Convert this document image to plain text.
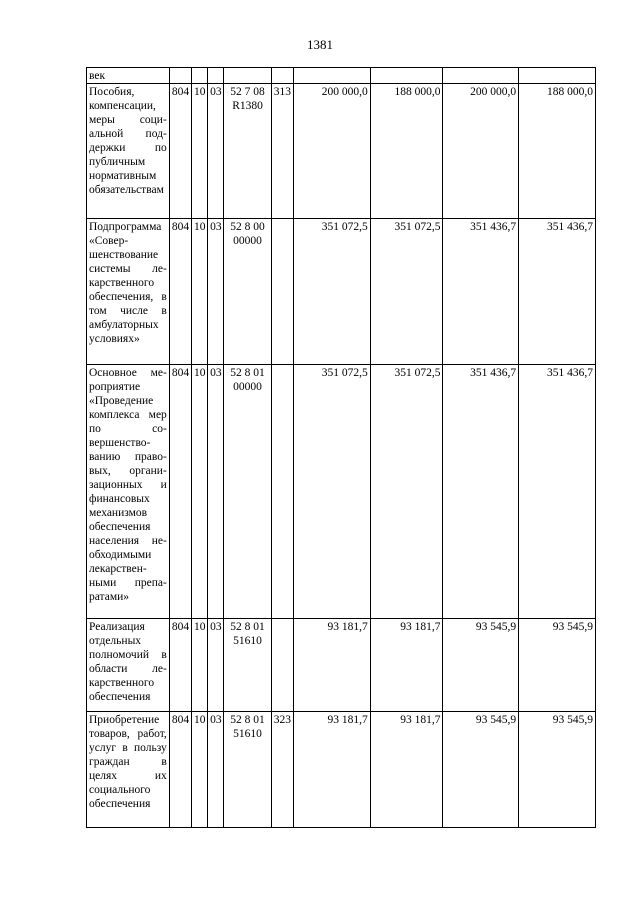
1381
век									
Пособия, компенсации, меры социальной поддержки по публичным нормативным обязательствам	804	10	03	52 7 08 R1380	313	200 000,0	188 000,0	200 000,0	188 000,0
Подпрограмма «Совершенствование системы лекарственного обеспечения, в том числе в амбулаторных условиях»	804	10	03	52 8 00 00000		351 072,5	351 072,5	351 436,7	351 436,7
Основное мероприятие «Проведение комплекса мер по совершенствованию правовых, организационных и финансовых механизмов обеспечения населения необходимыми лекарственными препаратами»	804	10	03	52 8 01 00000		351 072,5	351 072,5	351 436,7	351 436,7
Реализация отдельных полномочий в области лекарственного обеспечения	804	10	03	52 8 01 51610		93 181,7	93 181,7	93 545,9	93 545,9
Приобретение товаров, работ, услуг в пользу граждан в целях их социального обеспечения	804	10	03	52 8 01 51610	323	93 181,7	93 181,7	93 545,9	93 545,9
